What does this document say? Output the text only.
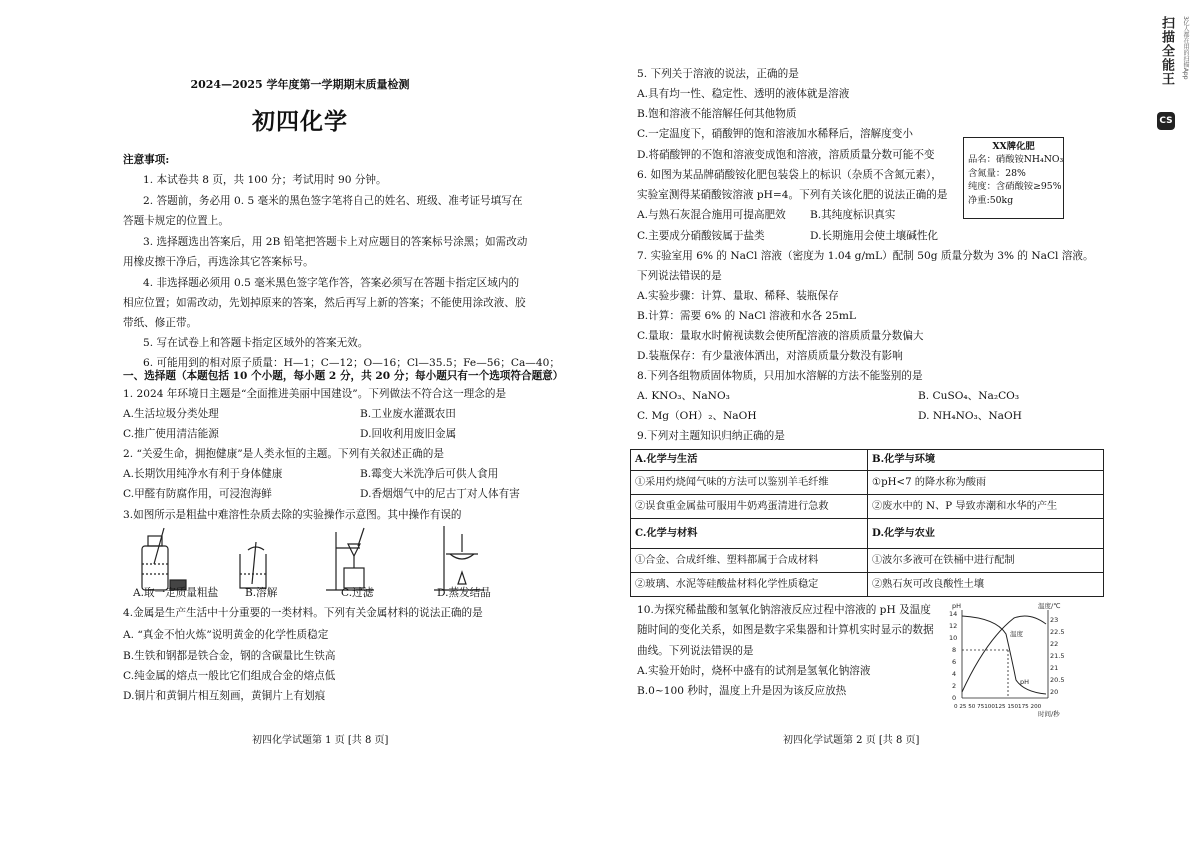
2024—2025 学年度第一学期期末质量检测
初四化学
注意事项:
1. 本试卷共 8 页，共 100 分；考试用时 90 分钟。
2. 答题前，务必用 0. 5 毫米的黑色签字笔将自己的姓名、班级、准考证号填写在
答题卡规定的位置上。
3. 选择题选出答案后，用 2B 铅笔把答题卡上对应题目的答案标号涂黑；如需改动
用橡皮擦干净后，再选涂其它答案标号。
4. 非选择题必须用 0.5 毫米黑色签字笔作答，答案必须写在答题卡指定区域内的
相应位置；如需改动，先划掉原来的答案，然后再写上新的答案；不能使用涂改液、胶
带纸、修正带。
5. 写在试卷上和答题卡指定区域外的答案无效。
6. 可能用到的相对原子质量：H—1；C—12；O—16；Cl—35.5；Fe—56；Ca—40；
一、选择题（本题包括 10 个小题，每小题 2 分，共 20 分；每小题只有一个选项符合题意）
1. 2024 年环境日主题是“全面推进美丽中国建设”。下列做法不符合这一理念的是
A.生活垃圾分类处理	B.工业废水灌溉农田
C.推广使用清洁能源	D.回收利用废旧金属
2. “关爱生命，拥抱健康”是人类永恒的主题。下列有关叙述正确的是
A.长期饮用纯净水有利于身体健康	B.霉变大米洗净后可供人食用
C.甲醛有防腐作用，可浸泡海鲜	D.香烟烟气中的尼古丁对人体有害
3.如图所示是粗盐中难溶性杂质去除的实验操作示意图。其中操作有误的
A.取一定质量粗盐	B.溶解	C.过滤	D.蒸发结晶
4.金属是生产生活中十分重要的一类材料。下列有关金属材料的说法正确的是
A. “真金不怕火炼”说明黄金的化学性质稳定
B.生铁和钢都是铁合金，钢的含碳量比生铁高
C.纯金属的熔点一般比它们组成合金的熔点低
D.铜片和黄铜片相互刻画，黄铜片上有划痕
初四化学试题第 1 页 [共 8 页]
5. 下列关于溶液的说法，正确的是
A.具有均一性、稳定性、透明的液体就是溶液
B.饱和溶液不能溶解任何其他物质
C.一定温度下，硝酸钾的饱和溶液加水稀释后，溶解度变小
D.将硝酸钾的不饱和溶液变成饱和溶液，溶质质量分数可能不变
XX牌化肥
品名：硝酸铵NH₄NO₃
含氮量：28%
纯度：含硝酸铵≥95%
净重:50kg
6. 如图为某品牌硝酸铵化肥包装袋上的标识（杂质不含氮元素），
实验室测得某硝酸铵溶液 pH=4。下列有关该化肥的说法正确的是
A.与熟石灰混合施用可提高肥效 B.其纯度标识真实
C.主要成分硝酸铵属于盐类	D.长期施用会使土壤碱性化
7. 实验室用 6% 的 NaCl 溶液（密度为 1.04 g/mL）配制 50g 质量分数为 3% 的 NaCl 溶液。
下列说法错误的是
A.实验步骤：计算、量取、稀释、装瓶保存
B.计算：需要 6% 的 NaCl 溶液和水各 25mL
C.量取：量取水时俯视读数会使所配溶液的溶质质量分数偏大
D.装瓶保存：有少量液体洒出，对溶质质量分数没有影响
8.下列各组物质固体物质，只用加水溶解的方法不能鉴别的是
A. KNO₃、NaNO₃	B. CuSO₄、Na₂CO₃
C. Mg（OH）₂、NaOH	D. NH₄NO₃、NaOH
9.下列对主题知识归纳正确的是
A.化学与生活	B.化学与环境
①采用灼烧闻气味的方法可以鉴别羊毛纤维	①pH<7 的降水称为酸雨
②误食重金属盐可服用牛奶鸡蛋清进行急救	②废水中的 N、P 导致赤潮和水华的产生
C.化学与材料	D.化学与农业
①合金、合成纤维、塑料都属于合成材料	①波尔多液可在铁桶中进行配制
②玻璃、水泥等硅酸盐材料化学性质稳定	②熟石灰可改良酸性土壤
10.为探究稀盐酸和氢氧化钠溶液反应过程中溶液的 pH 及温度
随时间的变化关系，如图是数字采集器和计算机实时显示的数据
曲线。下列说法错误的是
A.实验开始时，烧杯中盛有的试剂是氢氧化钠溶液
B.0~100 秒时，温度上升是因为该反应放热
pH	温度/℃
14
12
10
8
6
4
2
0
23
22.5
22
21.5
21
20.5
20
0 25 50 75100125 150175 200
时间/秒
温度
pH
初四化学试题第 2 页 [共 8 页]
扫描全能王	3亿人都在用的扫描App
CS
